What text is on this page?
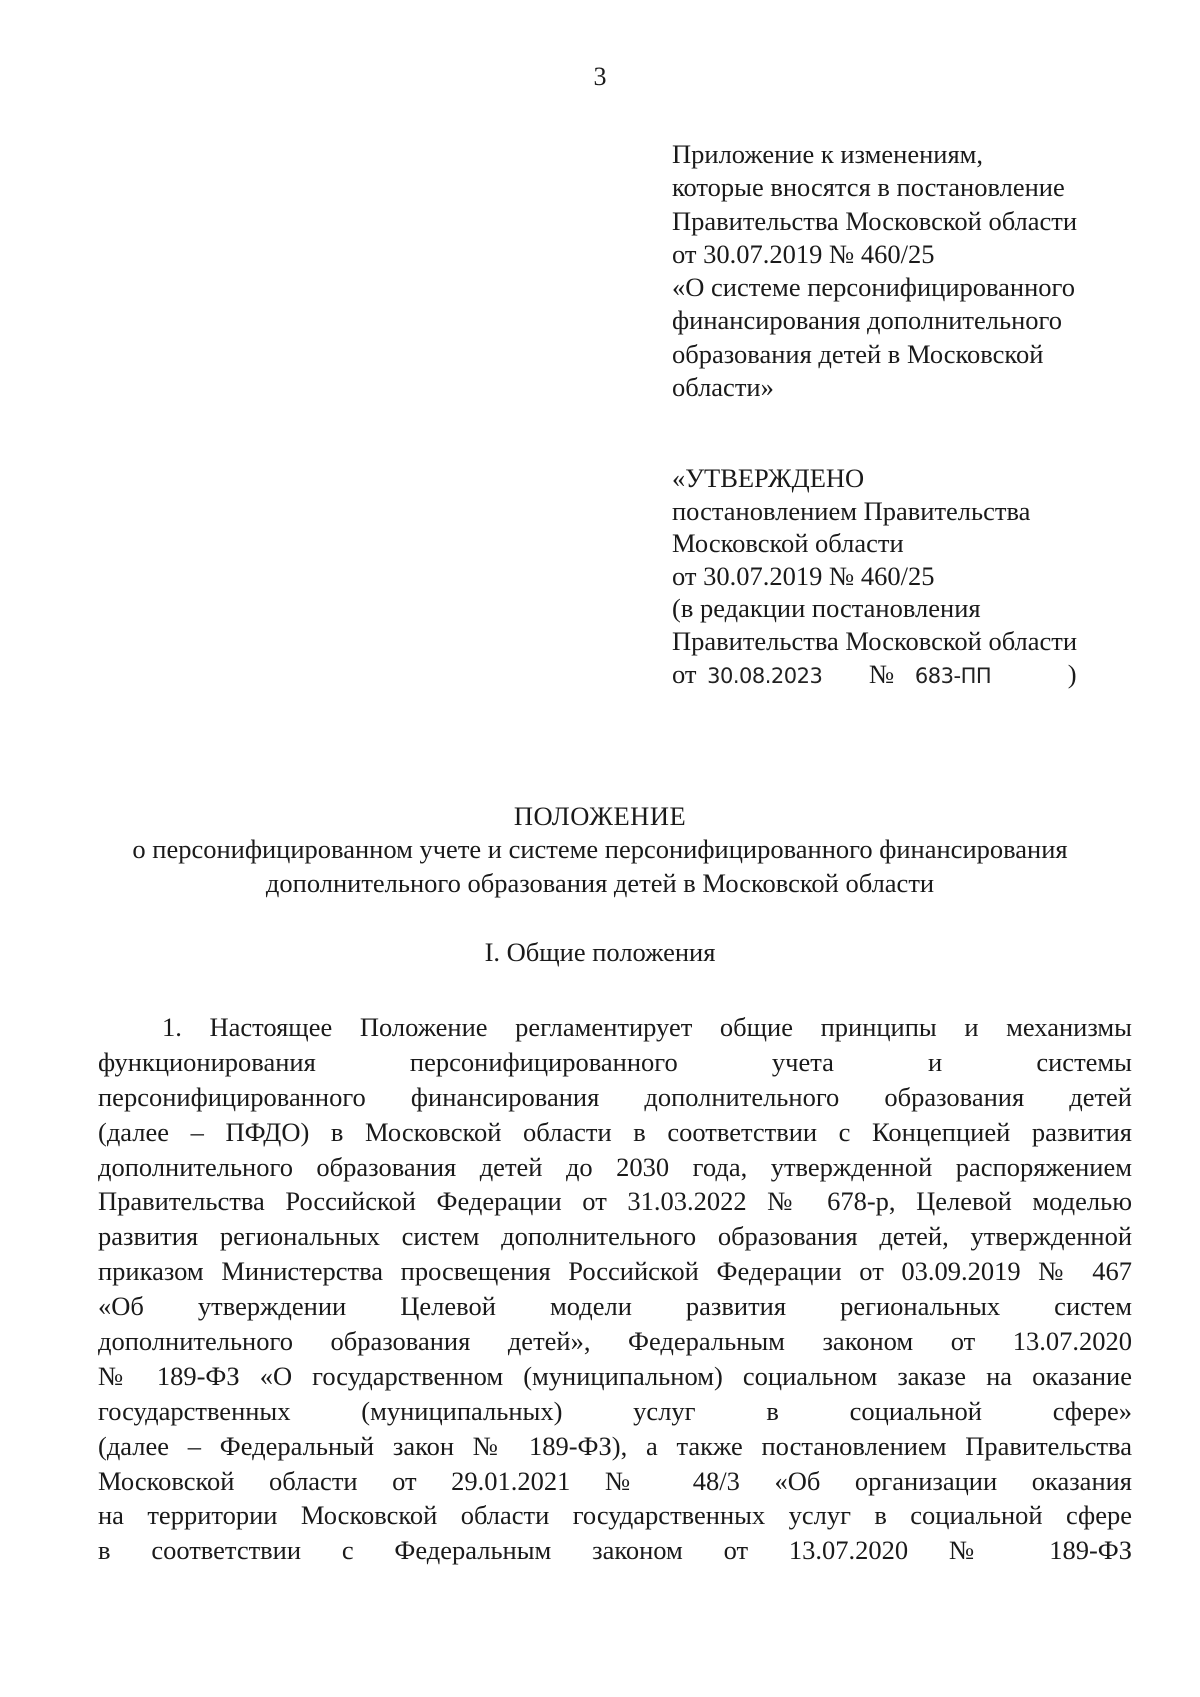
3
Приложение к изменениям,
которые вносятся в постановление
Правительства Московской области
от 30.07.2019 № 460/25
«О системе персонифицированного
финансирования дополнительного
образования детей в Московской
области»
«УТВЕРЖДЕНО
постановлением Правительства
Московской области
от 30.07.2019 № 460/25
(в редакции постановления
Правительства Московской области
от 30.08.2023 № 683-ПП	)
ПОЛОЖЕНИЕ
о персонифицированном учете и системе персонифицированного финансирования
дополнительного образования детей в Московской области
I. Общие положения
1. Настоящее Положение регламентирует общие принципы и механизмы
функционирования персонифицированного учета и системы
персонифицированного финансирования дополнительного образования детей
(далее – ПФДО) в Московской области в соответствии с Концепцией развития
дополнительного образования детей до 2030 года, утвержденной распоряжением
Правительства Российской Федерации от 31.03.2022 № 678-р, Целевой моделью
развития региональных систем дополнительного образования детей, утвержденной
приказом Министерства просвещения Российской Федерации от 03.09.2019 № 467
«Об утверждении Целевой модели развития региональных систем
дополнительного образования детей», Федеральным законом от 13.07.2020
№ 189-ФЗ «О государственном (муниципальном) социальном заказе на оказание
государственных (муниципальных) услуг в социальной сфере»
(далее – Федеральный закон № 189-ФЗ), а также постановлением Правительства
Московской области от 29.01.2021 № 48/3 «Об организации оказания
на территории Московской области государственных услуг в социальной сфере
в соответствии с Федеральным законом от 13.07.2020 № 189-ФЗ
